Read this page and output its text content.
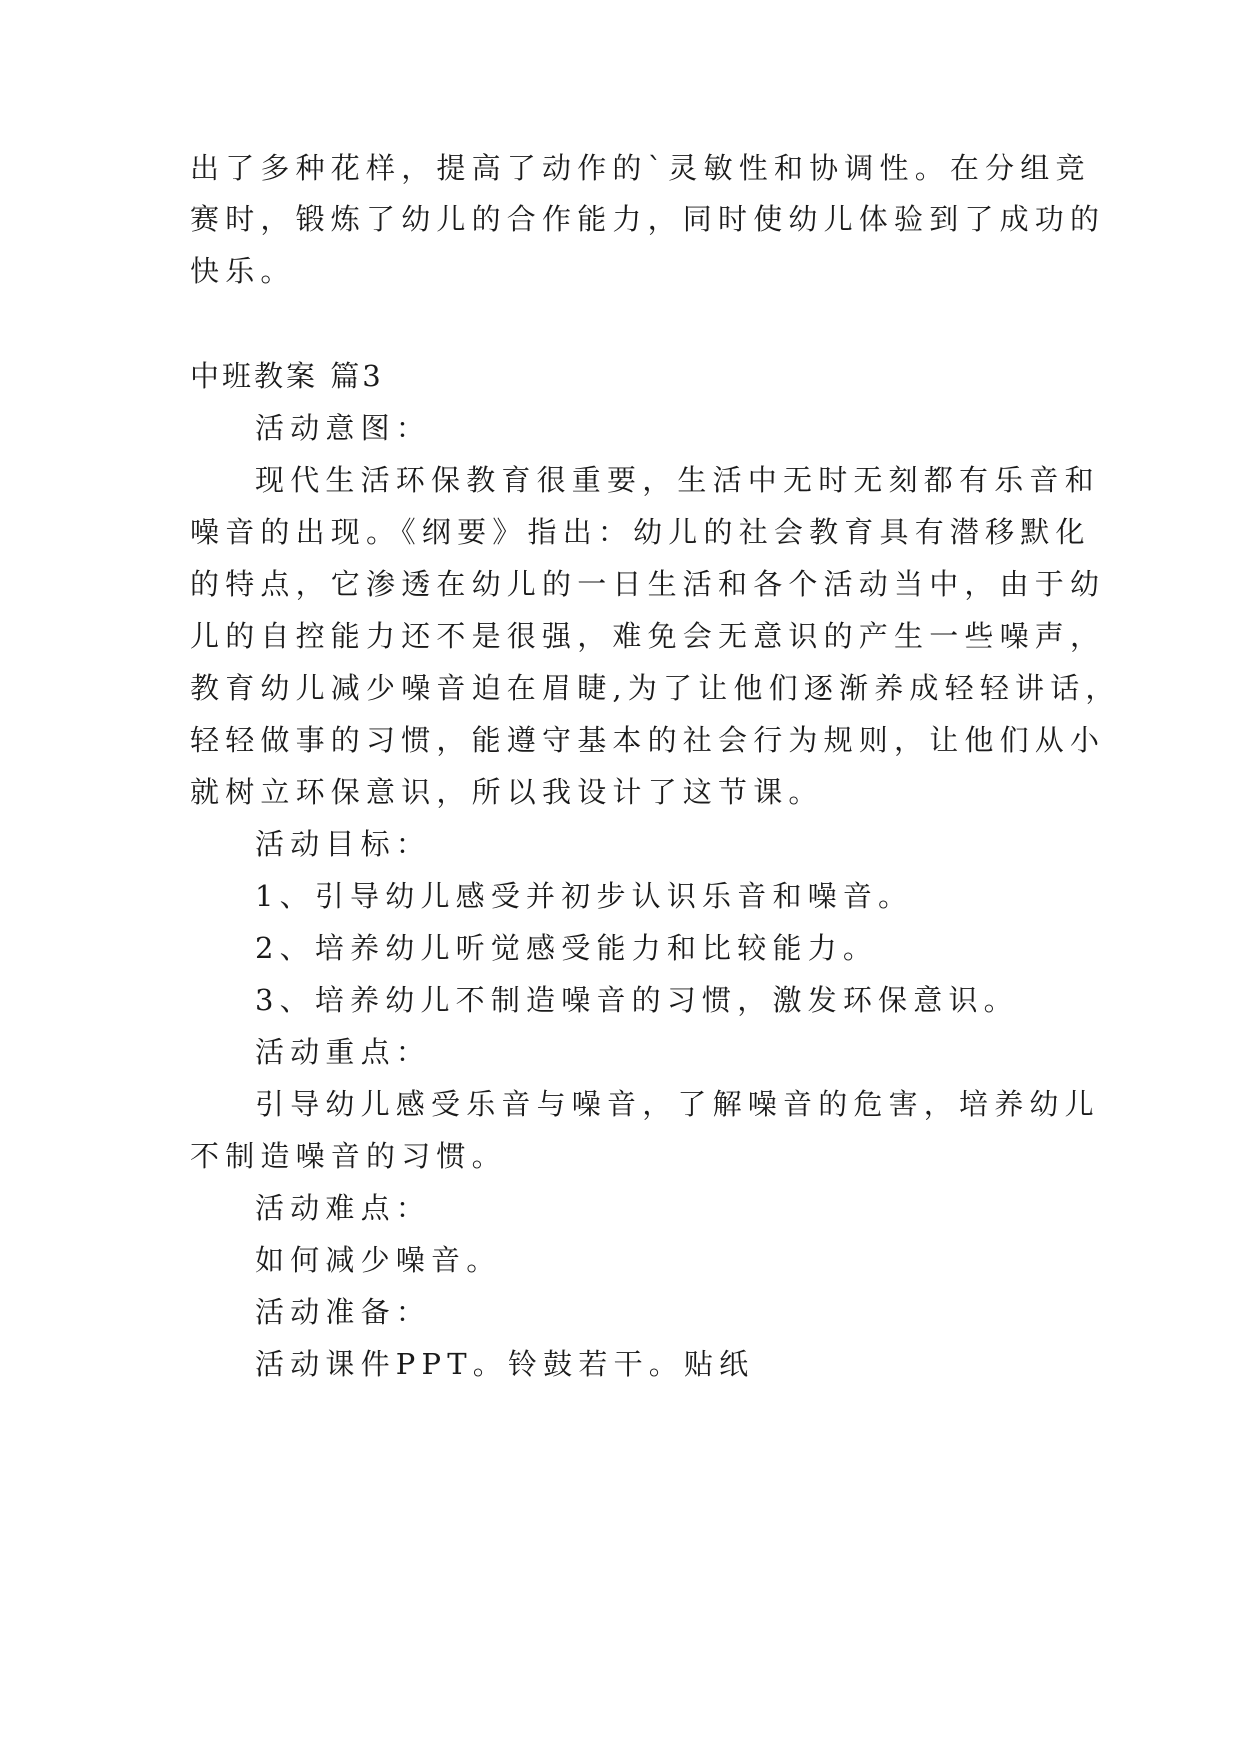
出了多种花样，提高了动作的`灵敏性和协调性。在分组竞
赛时，锻炼了幼儿的合作能力，同时使幼儿体验到了成功的
快乐。
中班教案 篇3
活动意图：
现代生活环保教育很重要，生活中无时无刻都有乐音和
噪音的出现。《纲要》指出：幼儿的社会教育具有潜移默化
的特点，它渗透在幼儿的一日生活和各个活动当中，由于幼
儿的自控能力还不是很强，难免会无意识的产生一些噪声，
教育幼儿减少噪音迫在眉睫,为了让他们逐渐养成轻轻讲话，
轻轻做事的习惯，能遵守基本的社会行为规则，让他们从小
就树立环保意识，所以我设计了这节课。
活动目标：
1、引导幼儿感受并初步认识乐音和噪音。
2、培养幼儿听觉感受能力和比较能力。
3、培养幼儿不制造噪音的习惯，激发环保意识。
活动重点：
引导幼儿感受乐音与噪音，了解噪音的危害，培养幼儿
不制造噪音的习惯。
活动难点：
如何减少噪音。
活动准备：
活动课件PPT。铃鼓若干。贴纸
